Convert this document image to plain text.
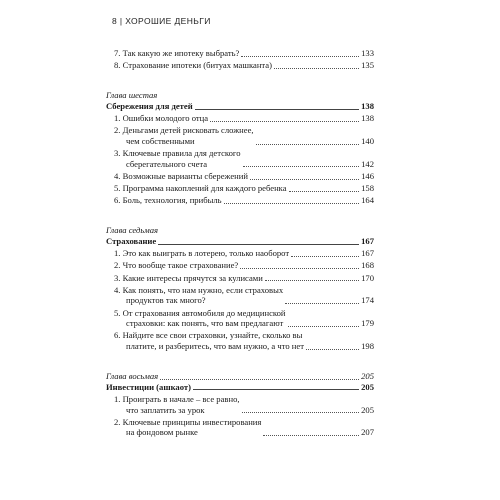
8 | ХОРОШИЕ ДЕНЬГИ
7. Так какую же ипотеку выбрать?	133
8. Страхование ипотеки (битуах машканта)	135
Глава шестая
Сбережения для детей	138
1. Ошибки молодого отца	138
2. Деньгами детей рисковать сложнее,
чем собственными	140
3. Ключевые правила для детского
сберегательного счета	142
4. Возможные варианты сбережений	146
5. Программа накоплений для каждого ребенка	158
6. Боль, технология, прибыль	164
Глава седьмая
Страхование	167
1. Это как выиграть в лотерею, только наоборот	167
2. Что вообще такое страхование?	168
3. Какие интересы прячутся за кулисами	170
4. Как понять, что нам нужно, если страховых
продуктов так много?	174
5. От страхования автомобиля до медицинской
страховки: как понять, что вам предлагают	179
6. Найдите все свои страховки, узнайте, сколько вы
платите, и разберитесь, что вам нужно, а что нет	198
Глава восьмая	205
Инвестиции (ашкаот)	205
1. Проиграть в начале – все равно,
что заплатить за урок	205
2. Ключевые принципы инвестирования
на фондовом рынке	207
